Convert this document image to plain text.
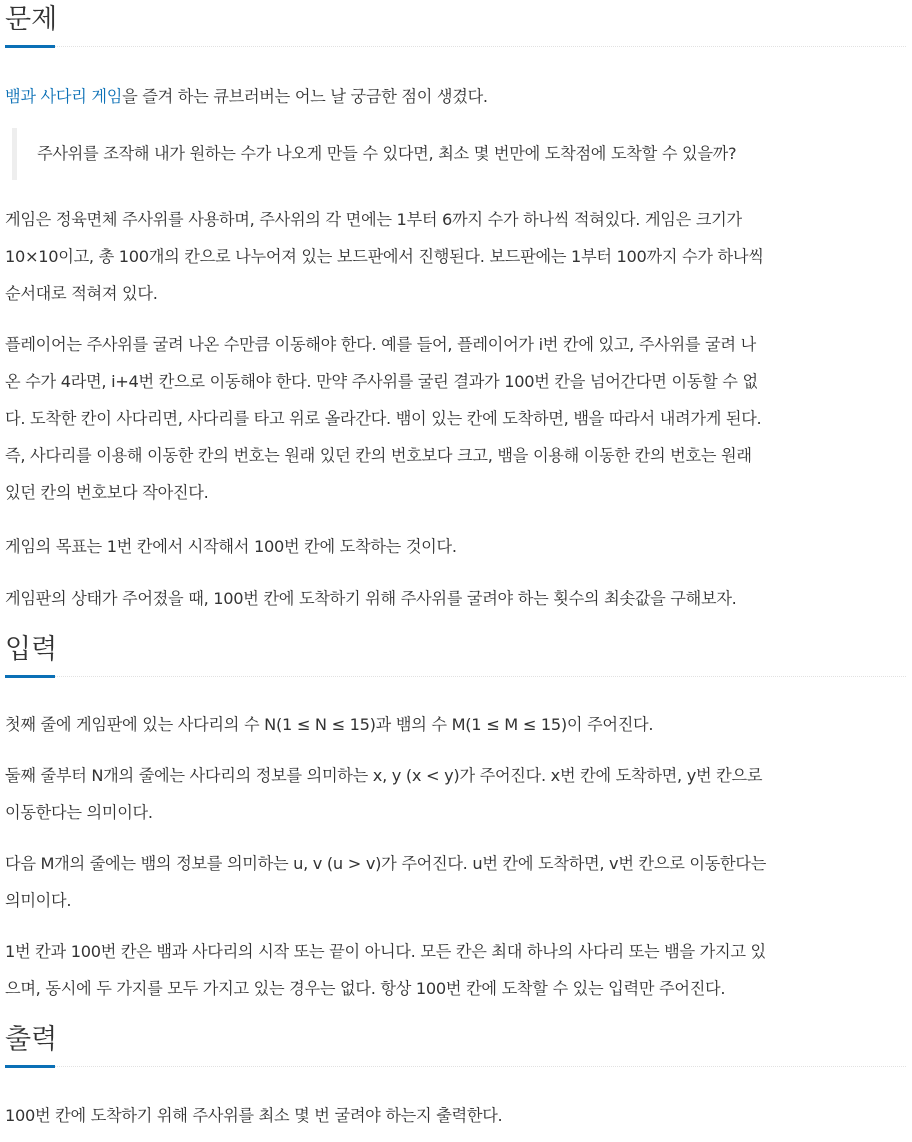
문제

뱀과 사다리 게임을 즐겨 하는 큐브러버는 어느 날 궁금한 점이 생겼다.

주사위를 조작해 내가 원하는 수가 나오게 만들 수 있다면, 최소 몇 번만에 도착점에 도착할 수 있을까?

게임은 정육면체 주사위를 사용하며, 주사위의 각 면에는 1부터 6까지 수가 하나씩 적혀있다. 게임은 크기가
10×10이고, 총 100개의 칸으로 나누어져 있는 보드판에서 진행된다. 보드판에는 1부터 100까지 수가 하나씩
순서대로 적혀져 있다.

플레이어는 주사위를 굴려 나온 수만큼 이동해야 한다. 예를 들어, 플레이어가 i번 칸에 있고, 주사위를 굴려 나
온 수가 4라면, i+4번 칸으로 이동해야 한다. 만약 주사위를 굴린 결과가 100번 칸을 넘어간다면 이동할 수 없
다. 도착한 칸이 사다리면, 사다리를 타고 위로 올라간다. 뱀이 있는 칸에 도착하면, 뱀을 따라서 내려가게 된다.
즉, 사다리를 이용해 이동한 칸의 번호는 원래 있던 칸의 번호보다 크고, 뱀을 이용해 이동한 칸의 번호는 원래
있던 칸의 번호보다 작아진다.

게임의 목표는 1번 칸에서 시작해서 100번 칸에 도착하는 것이다.

게임판의 상태가 주어졌을 때, 100번 칸에 도착하기 위해 주사위를 굴려야 하는 횟수의 최솟값을 구해보자.

입력

첫째 줄에 게임판에 있는 사다리의 수 N(1 ≤ N ≤ 15)과 뱀의 수 M(1 ≤ M ≤ 15)이 주어진다.

둘째 줄부터 N개의 줄에는 사다리의 정보를 의미하는 x, y (x < y)가 주어진다. x번 칸에 도착하면, y번 칸으로
이동한다는 의미이다.

다음 M개의 줄에는 뱀의 정보를 의미하는 u, v (u > v)가 주어진다. u번 칸에 도착하면, v번 칸으로 이동한다는
의미이다.

1번 칸과 100번 칸은 뱀과 사다리의 시작 또는 끝이 아니다. 모든 칸은 최대 하나의 사다리 또는 뱀을 가지고 있
으며, 동시에 두 가지를 모두 가지고 있는 경우는 없다. 항상 100번 칸에 도착할 수 있는 입력만 주어진다.

출력

100번 칸에 도착하기 위해 주사위를 최소 몇 번 굴려야 하는지 출력한다.
